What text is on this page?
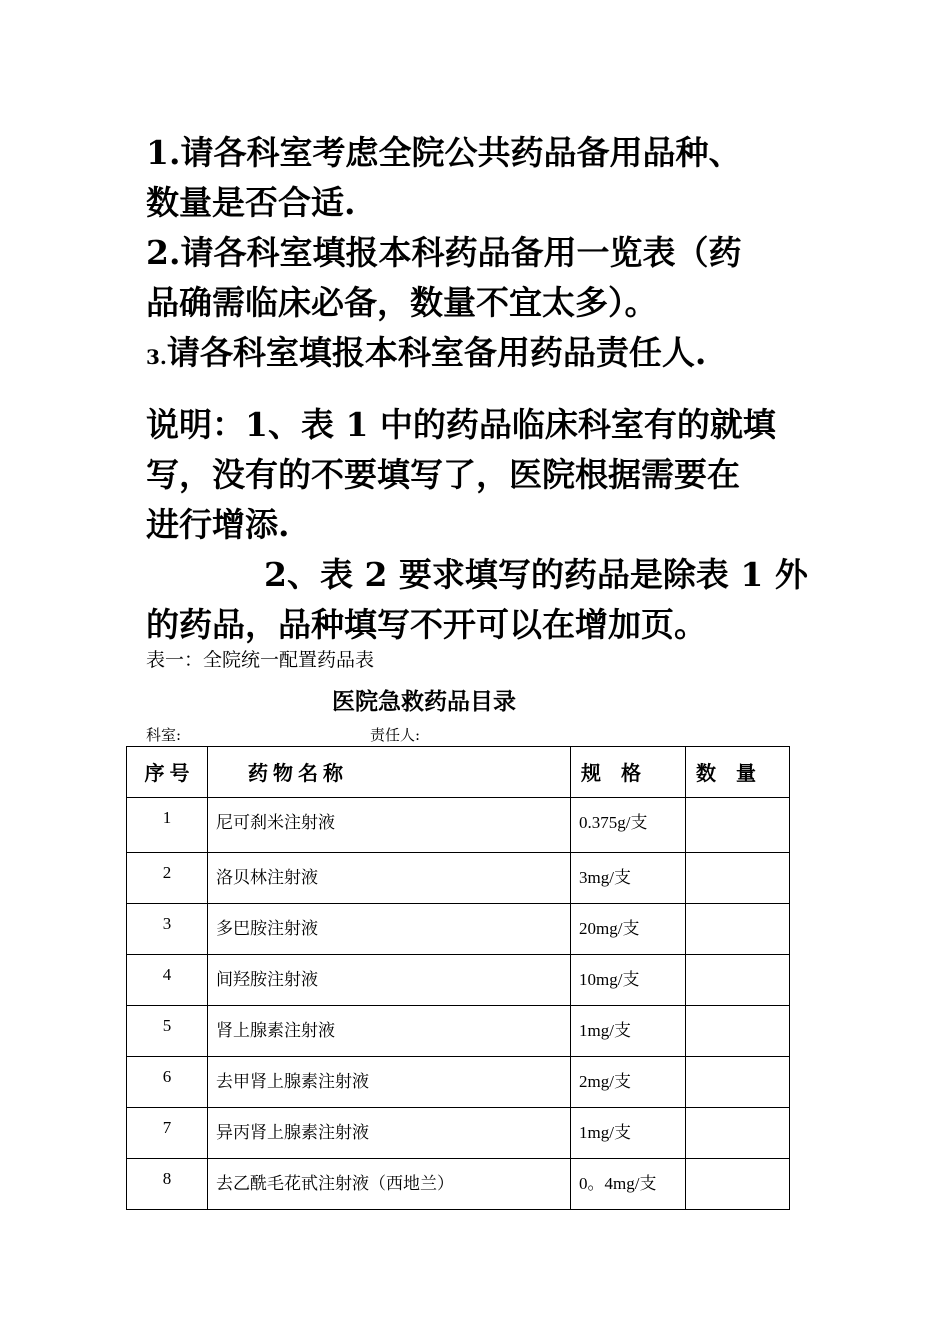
1.请各科室考虑全院公共药品备用品种、
数量是否合适.
2.请各科室填报本科药品备用一览表（药
品确需临床必备，数量不宜太多）。
3.请各科室填报本科室备用药品责任人.
说明：1、表 1 中的药品临床科室有的就填
写，没有的不要填写了，医院根据需要在
进行增添.
2、表 2 要求填写的药品是除表 1 外
的药品，品种填写不开可以在增加页。
表一：全院统一配置药品表
医院急救药品目录
科室:	责任人:
序 号	药 物 名 称	规　格	数　量
1	尼可刹米注射液	0.375g/支	
2	洛贝林注射液	3mg/支	
3	多巴胺注射液	20mg/支	
4	间羟胺注射液	10mg/支	
5	肾上腺素注射液	1mg/支	
6	去甲肾上腺素注射液	2mg/支	
7	异丙肾上腺素注射液	1mg/支	
8	去乙酰毛花甙注射液（西地兰）	0。4mg/支	
